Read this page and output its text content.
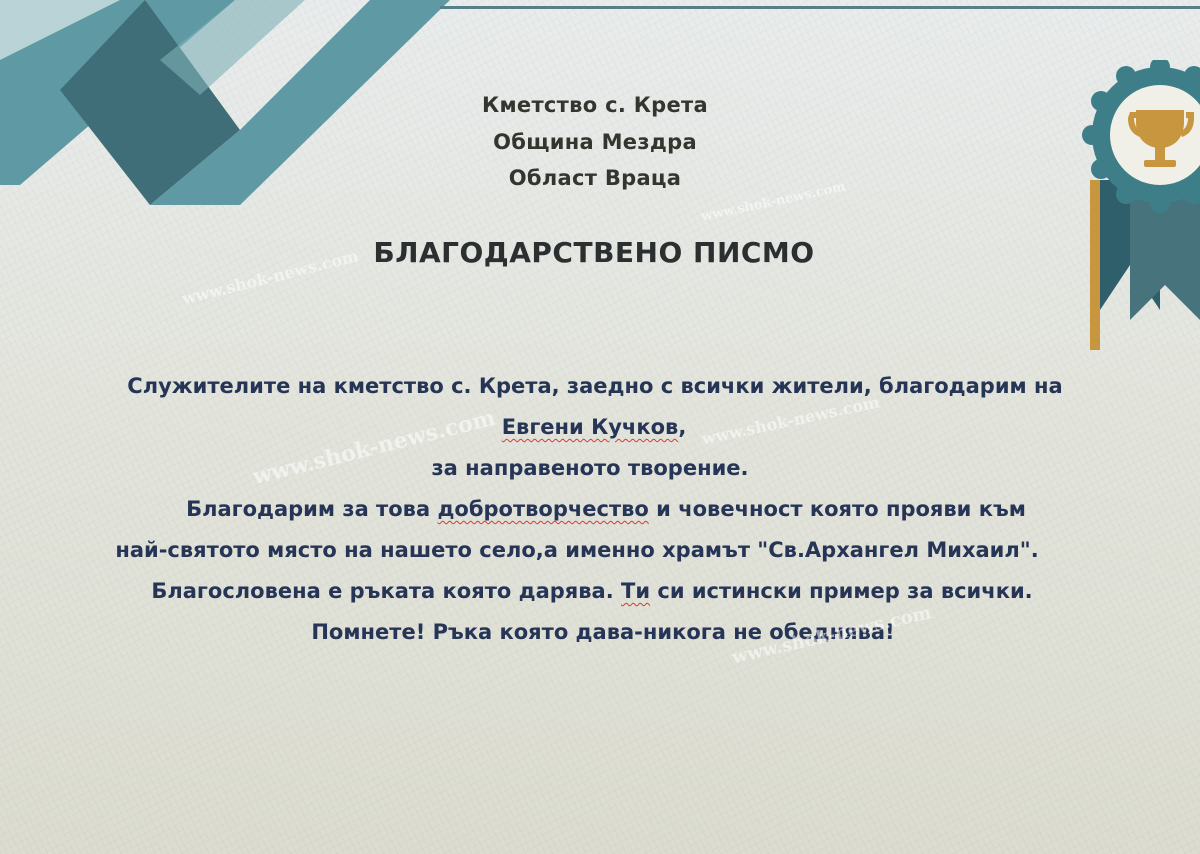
Кметство с. Крета
Община Мездра
Област Враца
БЛАГОДАРСТВЕНО ПИСМО
Служителите на кметство с. Крета, заедно с всички жители, благодарим на
Евгени Кучков,
за направеното творение.
Благодарим за това добротворчество и човечност която прояви към
най-святото място на нашето село,а именно храмът "Св.Архангел Михаил".
Благословена е ръката която дарява. Ти си истински пример за всички.
Помнете! Ръка която дава-никога не обеднява!
www.shok-news.com
www.shok-news.com
www.shok-news.com	www.shok-news.com
www.shok-news.com
